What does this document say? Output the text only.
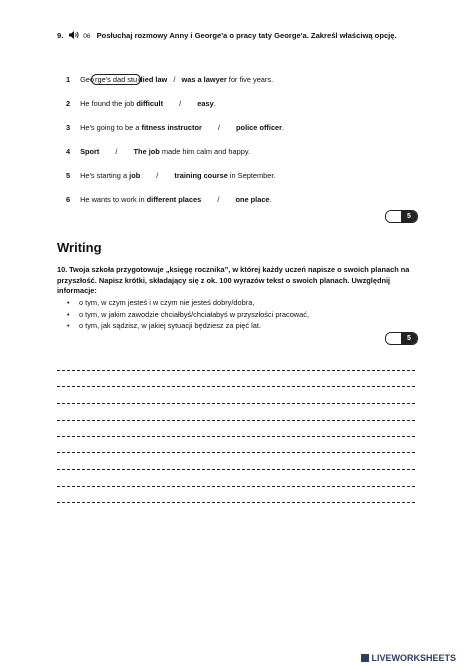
9.	06 Posłuchaj rozmowy Anny i George'a o pracy taty George'a. Zakreśl właściwą opcję.
1 George's dad studied law / was a lawyer for five years.
2 He found the job difficult / easy.
3 He's going to be a fitness instructor / police officer.
4 Sport / The job made him calm and happy.
5 He's starting a job / training course in September.
6 He wants to work in different places / one place.
5
Writing
10. Twoja szkoła przygotowuje „księgę rocznika”, w której każdy uczeń napisze o swoich planach na przyszłość. Napisz krótki, składający się z ok. 100 wyrazów tekst o swoich planach. Uwzględnij informacje:
• o tym, w czym jesteś i w czym nie jesteś dobry/dobra,
• o tym, w jakim zawodzie chciałbyś/chciałabyś w przyszłości pracować,
• o tym, jak sądzisz, w jakiej sytuacji będziesz za pięć lat.
5
LIVEWORKSHEETS
